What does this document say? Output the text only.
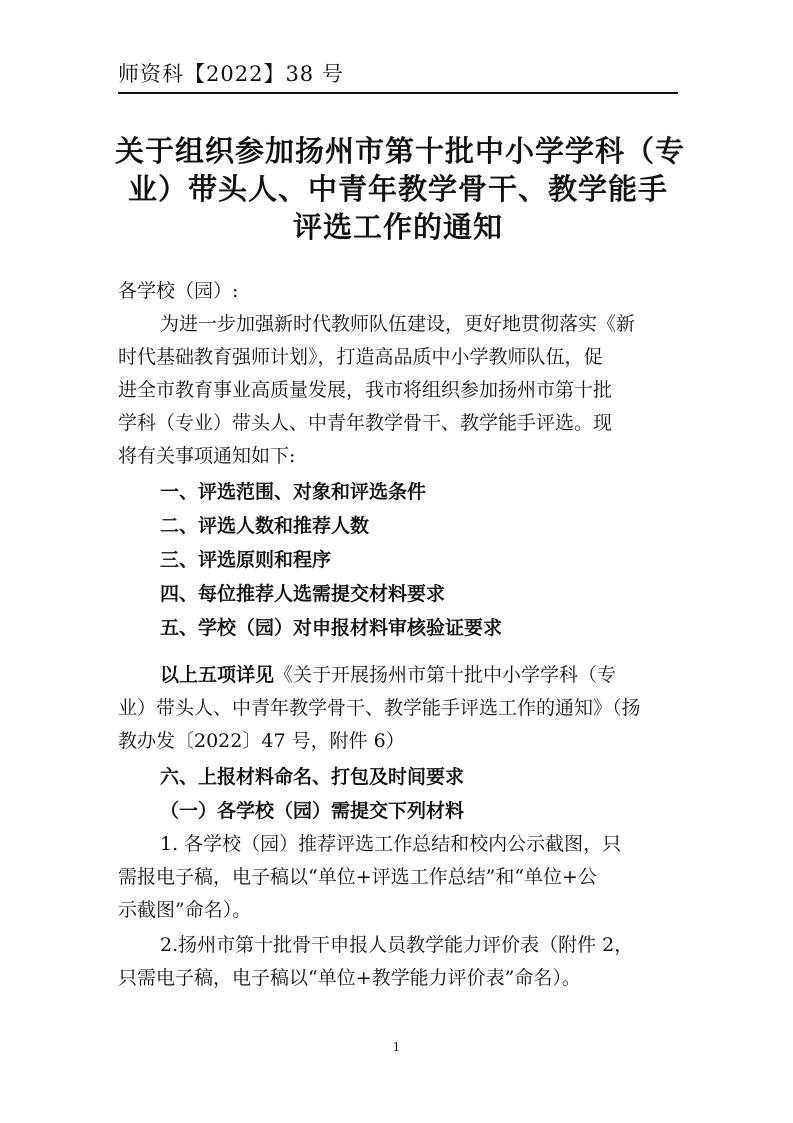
师资科【2022】38 号
关于组织参加扬州市第十批中小学学科（专
业）带头人、中青年教学骨干、教学能手
评选工作的通知

各学校（园）:

为进一步加强新时代教师队伍建设，更好地贯彻落实《新

时代基础教育强师计划》，打造高品质中小学教师队伍，促

进全市教育事业高质量发展，我市将组织参加扬州市第十批

学科（专业）带头人、中青年教学骨干、教学能手评选。现

将有关事项通知如下:

一、评选范围、对象和评选条件

二、评选人数和推荐人数

三、评选原则和程序

四、每位推荐人选需提交材料要求

五、学校（园）对申报材料审核验证要求

以上五项详见《关于开展扬州市第十批中小学学科（专

业）带头人、中青年教学骨干、教学能手评选工作的通知》（扬

教办发〔2022〕47 号，附件 6）

六、上报材料命名、打包及时间要求

（一）各学校（园）需提交下列材料

1. 各学校（园）推荐评选工作总结和校内公示截图，只

需报电子稿，电子稿以“单位+评选工作总结”和“单位+公

示截图”命名）。

2.扬州市第十批骨干申报人员教学能力评价表（附件 2，

只需电子稿，电子稿以“单位+教学能力评价表”命名）。

1
